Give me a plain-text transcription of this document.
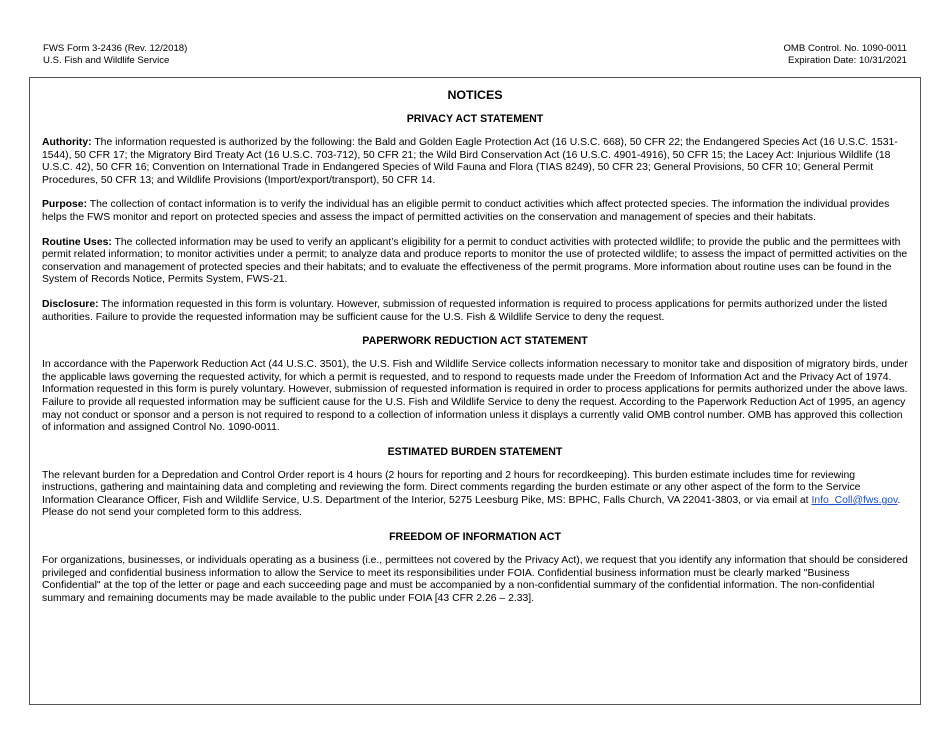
FWS Form 3-2436 (Rev. 12/2018)
U.S. Fish and Wildlife Service
OMB Control. No. 1090-0011
Expiration Date: 10/31/2021
NOTICES
PRIVACY ACT STATEMENT

Authority: The information requested is authorized by the following: the Bald and Golden Eagle Protection Act (16 U.S.C. 668), 50 CFR 22; the Endangered Species Act (16 U.S.C. 1531-1544), 50 CFR 17; the Migratory Bird Treaty Act (16 U.S.C. 703-712), 50 CFR 21; the Wild Bird Conservation Act (16 U.S.C. 4901-4916), 50 CFR 15; the Lacey Act: Injurious Wildlife (18 U.S.C. 42), 50 CFR 16; Convention on International Trade in Endangered Species of Wild Fauna and Flora (TIAS 8249), 50 CFR 23; General Provisions, 50 CFR 10; General Permit Procedures, 50 CFR 13; and Wildlife Provisions (Import/export/transport), 50 CFR 14.

Purpose: The collection of contact information is to verify the individual has an eligible permit to conduct activities which affect protected species. The information the individual provides helps the FWS monitor and report on protected species and assess the impact of permitted activities on the conservation and management of species and their habitats.

Routine Uses: The collected information may be used to verify an applicant’s eligibility for a permit to conduct activities with protected wildlife; to provide the public and the permittees with permit related information; to monitor activities under a permit; to analyze data and produce reports to monitor the use of protected wildlife; to assess the impact of permitted activities on the conservation and management of protected species and their habitats; and to evaluate the effectiveness of the permit programs. More information about routine uses can be found in the System of Records Notice, Permits System, FWS-21.

Disclosure: The information requested in this form is voluntary. However, submission of requested information is required to process applications for permits authorized under the listed authorities. Failure to provide the requested information may be sufficient cause for the U.S. Fish & Wildlife Service to deny the request.

PAPERWORK REDUCTION ACT STATEMENT

In accordance with the Paperwork Reduction Act (44 U.S.C. 3501), the U.S. Fish and Wildlife Service collects information necessary to monitor take and disposition of migratory birds, under the applicable laws governing the requested activity, for which a permit is requested, and to respond to requests made under the Freedom of Information Act and the Privacy Act of 1974. Information requested in this form is purely voluntary. However, submission of requested information is required in order to process applications for permits authorized under the above laws. Failure to provide all requested information may be sufficient cause for the U.S. Fish and Wildlife Service to deny the request. According to the Paperwork Reduction Act of 1995, an agency may not conduct or sponsor and a person is not required to respond to a collection of information unless it displays a currently valid OMB control number. OMB has approved this collection of information and assigned Control No. 1090-0011.

ESTIMATED BURDEN STATEMENT

The relevant burden for a Depredation and Control Order report is 4 hours (2 hours for reporting and 2 hours for recordkeeping). This burden estimate includes time for reviewing instructions, gathering and maintaining data and completing and reviewing the form. Direct comments regarding the burden estimate or any other aspect of the form to the Service Information Clearance Officer, Fish and Wildlife Service, U.S. Department of the Interior, 5275 Leesburg Pike, MS: BPHC, Falls Church, VA 22041-3803, or via email at Info_Coll@fws.gov. Please do not send your completed form to this address.

FREEDOM OF INFORMATION ACT

For organizations, businesses, or individuals operating as a business (i.e., permittees not covered by the Privacy Act), we request that you identify any information that should be considered privileged and confidential business information to allow the Service to meet its responsibilities under FOIA. Confidential business information must be clearly marked "Business Confidential" at the top of the letter or page and each succeeding page and must be accompanied by a non-confidential summary of the confidential information. The non-confidential summary and remaining documents may be made available to the public under FOIA [43 CFR 2.26 – 2.33].
